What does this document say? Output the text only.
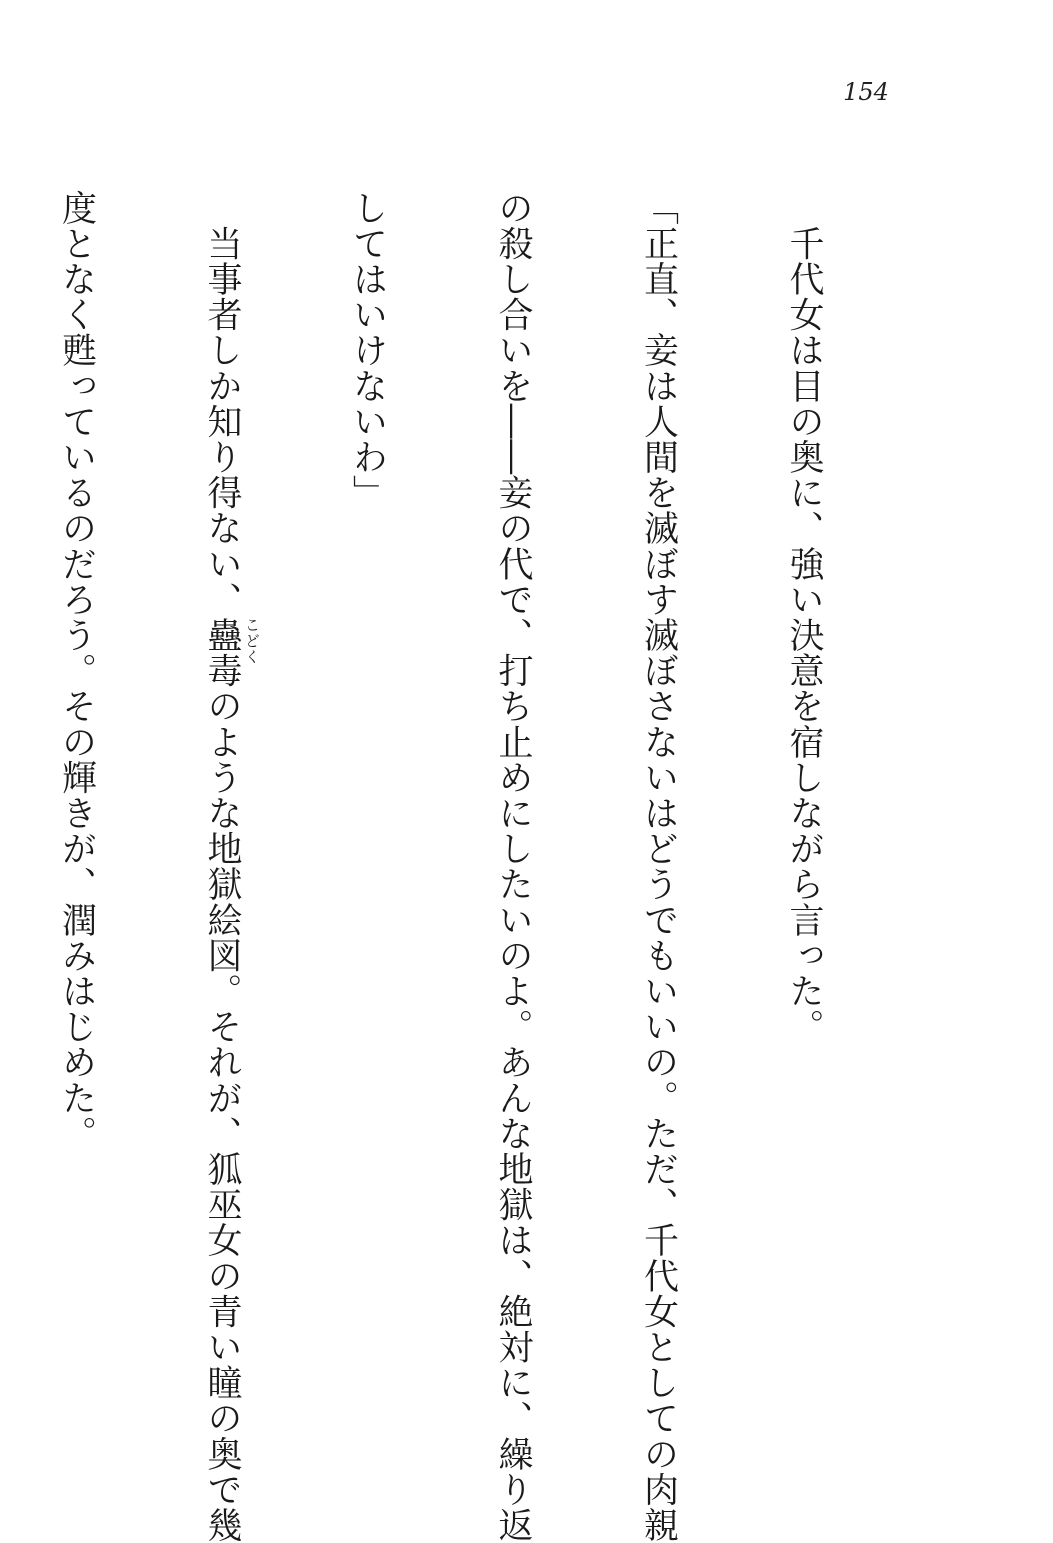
154

　千代女は目の奥に、強い決意を宿しながら言った。

「正直、妾は人間を滅ぼす滅ぼさないはどうでもいいの。ただ、千代女としての肉親

の殺し合いを――妾の代で、打ち止めにしたいのよ。あんな地獄は、絶対に、繰り返

してはいけないわ」

　当事者しか知り得ない、蠱毒 こどく
のような地獄絵図。それが、狐巫女の青い瞳の奥で幾

度となく甦っているのだろう。その輝きが、潤みはじめた。
